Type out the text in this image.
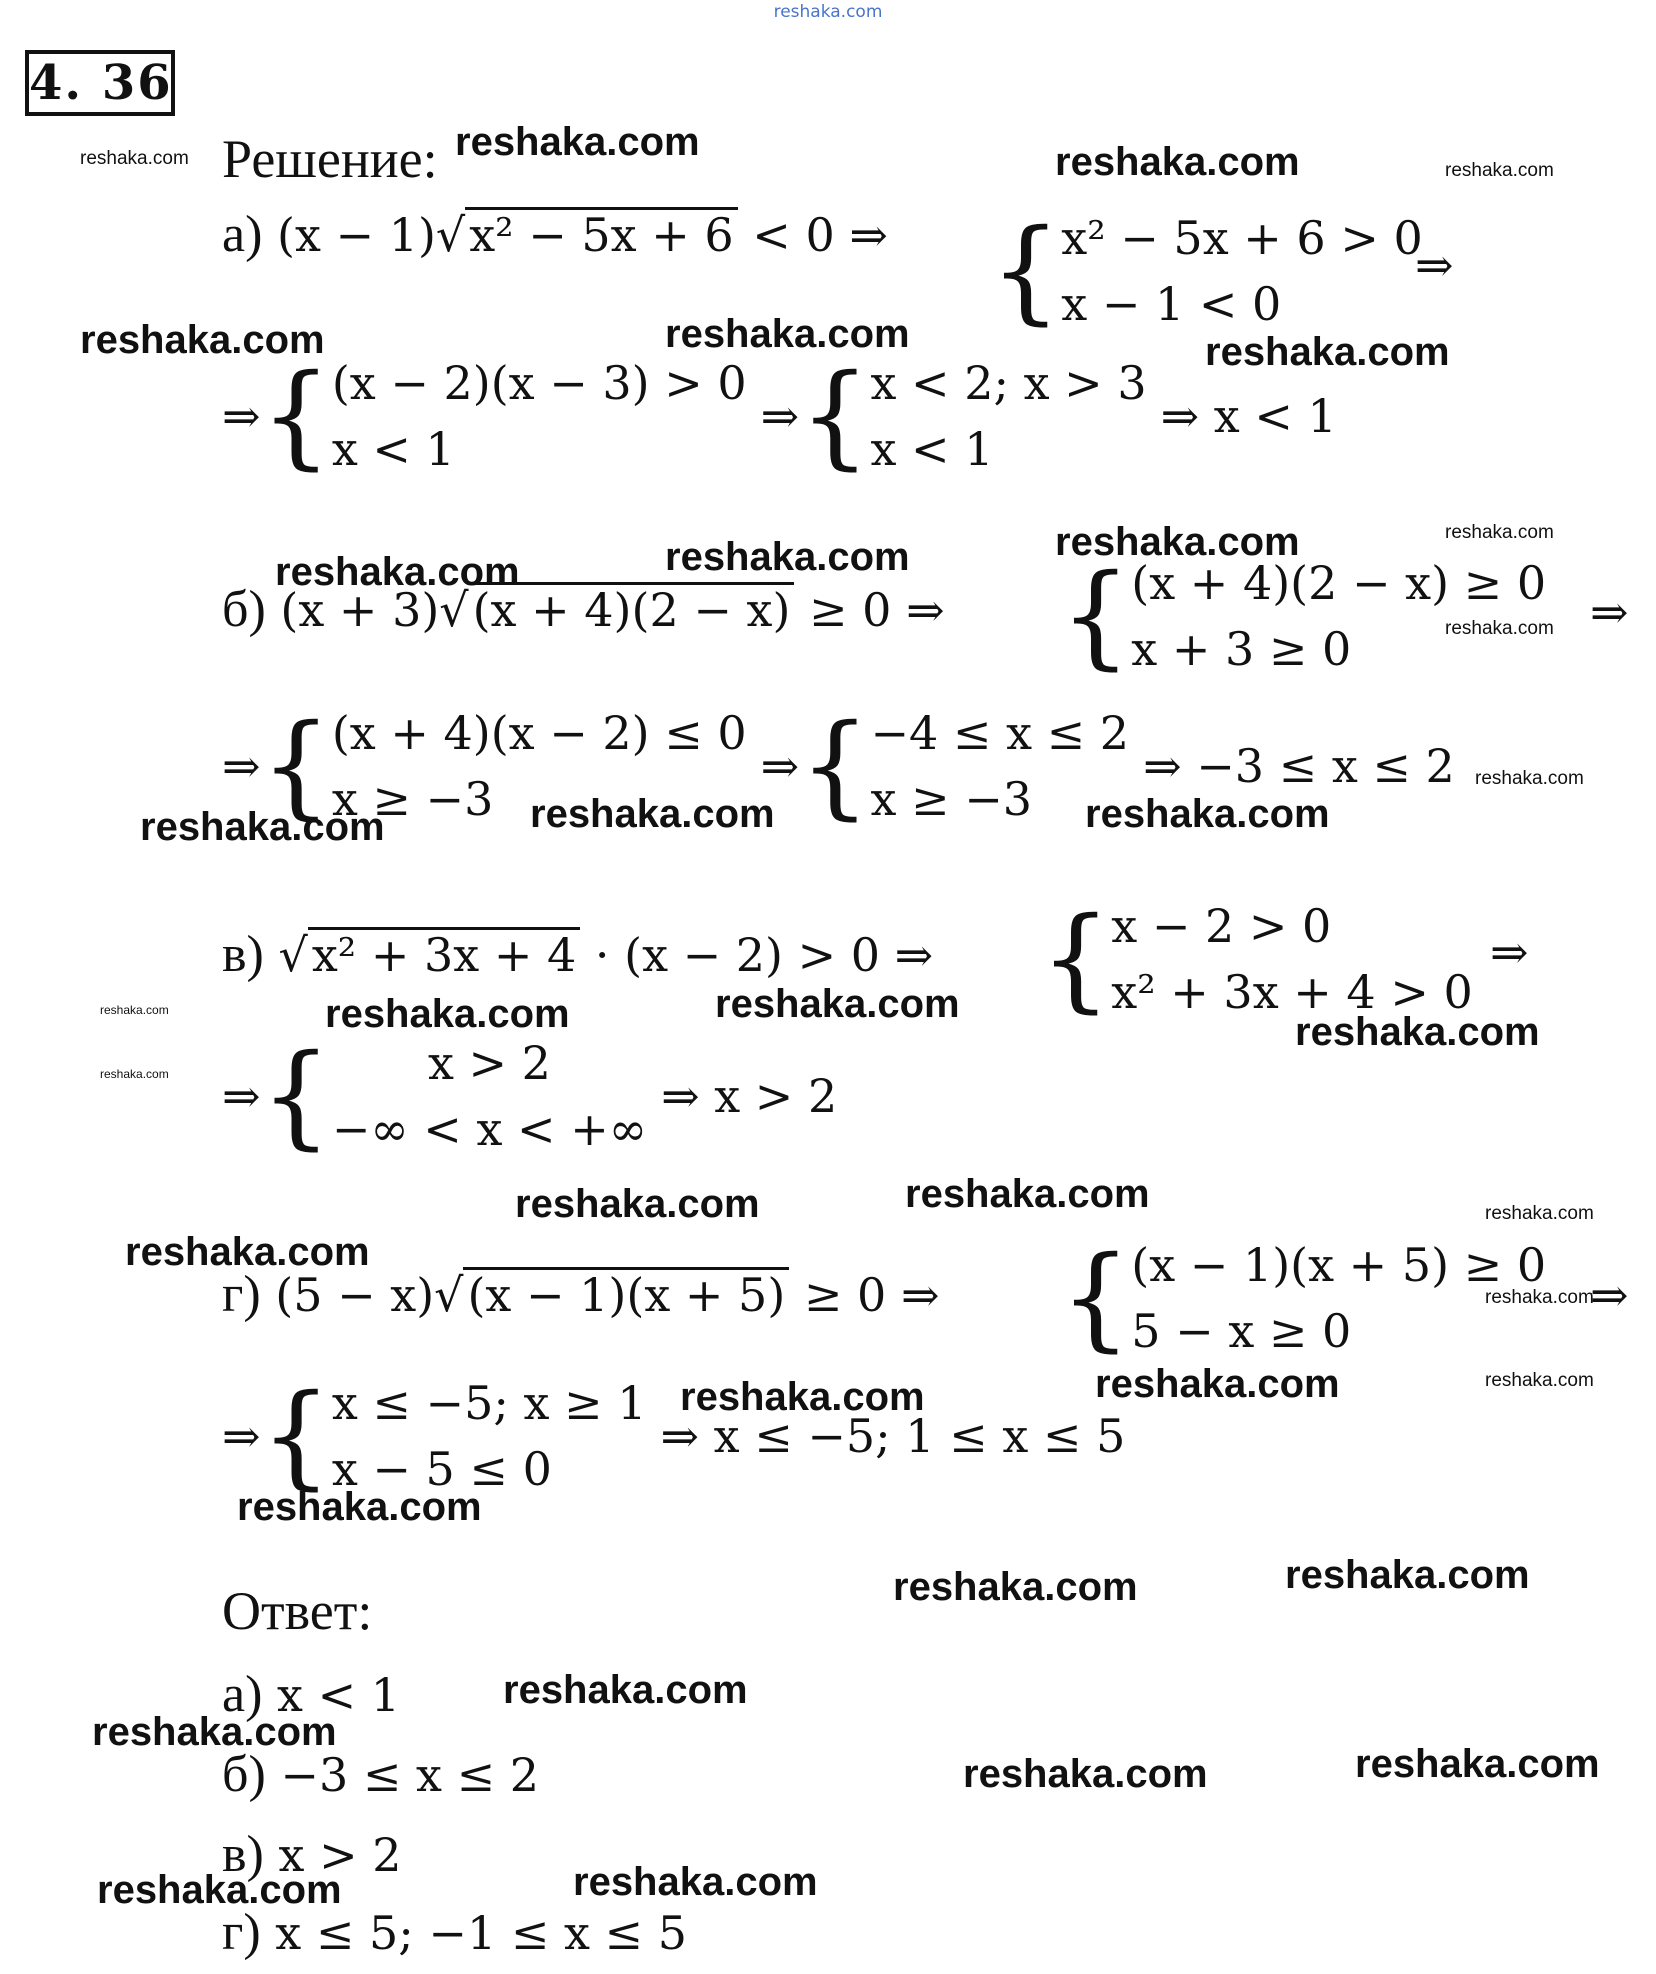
reshaka.com
4. 36
Решение:
а) (x − 1)√x² − 5x + 6 < 0 ⇒ { x² − 5x + 6 > 0
x − 1 < 0
⇒
⇒ { (x − 2)(x − 3) > 0
x < 1
⇒ { x < 2; x > 3
x < 1
⇒ x < 1
б) (x + 3)√(x + 4)(2 − x) ≥ 0 ⇒ { (x + 4)(2 − x) ≥ 0
x + 3 ≥ 0
⇒
⇒ { (x + 4)(x − 2) ≤ 0
x ≥ −3
⇒ { −4 ≤ x ≤ 2
x ≥ −3
⇒ −3 ≤ x ≤ 2
в) √x² + 3x + 4 · (x − 2) > 0 ⇒ { x − 2 > 0
x² + 3x + 4 > 0
⇒
⇒ {	x > 2
−∞ < x < +∞
⇒ x > 2
г) (5 − x)√(x − 1)(x + 5) ≥ 0 ⇒ { (x − 1)(x + 5) ≥ 0
5 − x ≥ 0
⇒
⇒ { x ≤ −5; x ≥ 1
x − 5 ≤ 0
⇒ x ≤ −5; 1 ≤ x ≤ 5
Ответ:
а) x < 1
б) −3 ≤ x ≤ 2
в) x > 2
г) x ≤ 5; −1 ≤ x ≤ 5
reshaka.com	reshaka.com	reshaka.com	reshaka.com
reshaka.com	reshaka.com	reshaka.com
reshaka.com	reshaka.com	reshaka.com	reshaka.com
reshaka.com
reshaka.com	reshaka.com	reshaka.com
reshaka.com
reshaka.com
reshaka.com
reshaka.com	reshaka.com
reshaka.com
reshaka.com	reshaka.com	reshaka.com
reshaka.com
reshaka.com
reshaka.com	reshaka.com	reshaka.com
reshaka.com
reshaka.com	reshaka.com
reshaka.com
reshaka.com
reshaka.com	reshaka.com
reshaka.com	reshaka.com
